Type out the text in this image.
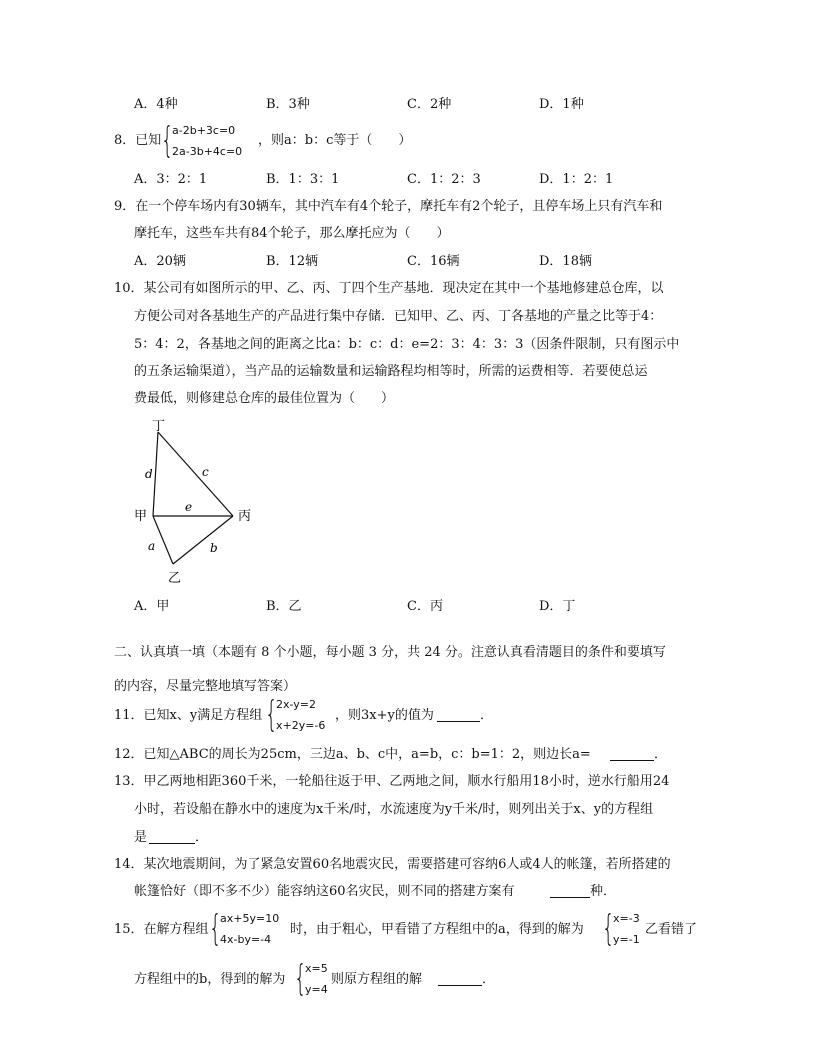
A．4种	B．3种	C．2种	D．1种
8．已知 {
a-2b+3c=0
2a-3b+4c=0
，则a：b：c等于（　　）
A．3：2：1	B．1：3：1	C．1：2：3	D．1：2：1
9．在一个停车场内有30辆车，其中汽车有4个轮子，摩托车有2个轮子，且停车场上只有汽车和
摩托车，这些车共有84个轮子，那么摩托应为（　　）
A．20辆	B．12辆	C．16辆	D．18辆
10．某公司有如图所示的甲、乙、丙、丁四个生产基地．现决定在其中一个基地修建总仓库，以
方便公司对各基地生产的产品进行集中存储．已知甲、乙、丙、丁各基地的产量之比等于4：
5：4：2，各基地之间的距离之比a：b：c：d：e=2：3：4：3：3（因条件限制，只有图示中
的五条运输渠道），当产品的运输数量和运输路程均相等时，所需的运费相等．若要使总运
费最低，则修建总仓库的最佳位置为（　　）
丁
甲	丙
乙
d	c
e
a	b
A．甲	B．乙	C．丙	D．丁
二、认真填一填（本题有 8 个小题，每小题 3 分，共 24 分。注意认真看清题目的条件和要填写
的内容，尽量完整地填写答案）
11．已知x、y满足方程组 {
2x-y=2
x+2y=-6
，则3x+y的值为	．
12．已知△ABC的周长为25cm，三边a、b、c中，a=b，c：b=1：2，则边长a=	．
13．甲乙两地相距360千米，一轮船往返于甲、乙两地之间，顺水行船用18小时，逆水行船用24
小时，若设船在静水中的速度为x千米/时，水流速度为y千米/时，则列出关于x、y的方程组
是	．
14．某次地震期间，为了紧急安置60名地震灾民，需要搭建可容纳6人或4人的帐篷，若所搭建的
帐篷恰好（即不多不少）能容纳这60名灾民，则不同的搭建方案有	种．
15．在解方程组 {
ax+5y=10
4x-by=-4
时，由于粗心，甲看错了方程组中的a，得到的解为 {
x=-3
y=-1
乙看错了
方程组中的b，得到的解为 {
x=5
y=4
则原方程组的解	．
